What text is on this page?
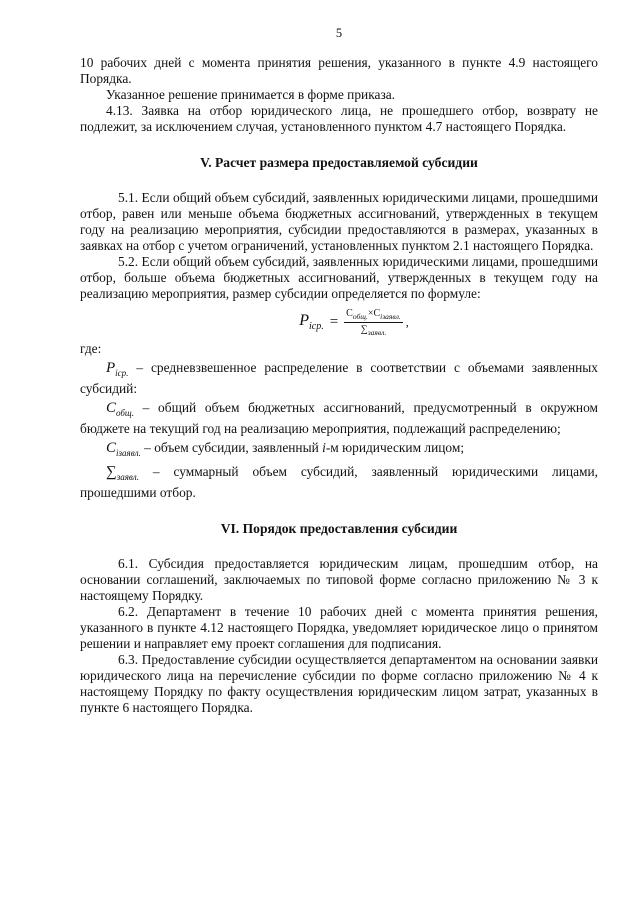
5

10 рабочих дней с момента принятия решения, указанного в пункте 4.9 настоящего Порядка.

Указанное решение принимается в форме приказа.

4.13. Заявка на отбор юридического лица, не прошедшего отбор, возврату не подлежит, за исключением случая, установленного пунктом 4.7 настоящего Порядка.

V. Расчет размера предоставляемой субсидии

5.1. Если общий объем субсидий, заявленных юридическими лицами, прошедшими отбор, равен или меньше объема бюджетных ассигнований, утвержденных в текущем году на реализацию мероприятия, субсидии предоставляются в размерах, указанных в заявках на отбор с учетом ограничений, установленных пунктом 2.1 настоящего Порядка.

5.2. Если общий объем субсидий, заявленных юридическими лицами, прошедшими отбор, больше объема бюджетных ассигнований, утвержденных в текущем году на реализацию мероприятия, размер субсидии определяется по формуле:

$P_{icp.} = \frac{C_{общ.}\times C_{iзаявл.}}{\sum_{заявл.}}$ ,

где:

$P_{icp.}$ – средневзвешенное распределение в соответствии с объемами заявленных субсидий:

$C_{общ.}$ – общий объем бюджетных ассигнований, предусмотренный в окружном бюджете на текущий год на реализацию мероприятия, подлежащий распределению;

$C_{iзаявл.}$ – объем субсидии, заявленный i-м юридическим лицом;

$\sum_{заявл.}$ – суммарный объем субсидий, заявленный юридическими лицами, прошедшими отбор.

VI. Порядок предоставления субсидии

6.1. Субсидия предоставляется юридическим лицам, прошедшим отбор, на основании соглашений, заключаемых по типовой форме согласно приложению № 3 к настоящему Порядку.

6.2. Департамент в течение 10 рабочих дней с момента принятия решения, указанного в пункте 4.12 настоящего Порядка, уведомляет юридическое лицо о принятом решении и направляет ему проект соглашения для подписания.

6.3. Предоставление субсидии осуществляется департаментом на основании заявки юридического лица на перечисление субсидии по форме согласно приложению № 4 к настоящему Порядку по факту осуществления юридическим лицом затрат, указанных в пункте 6 настоящего Порядка.
